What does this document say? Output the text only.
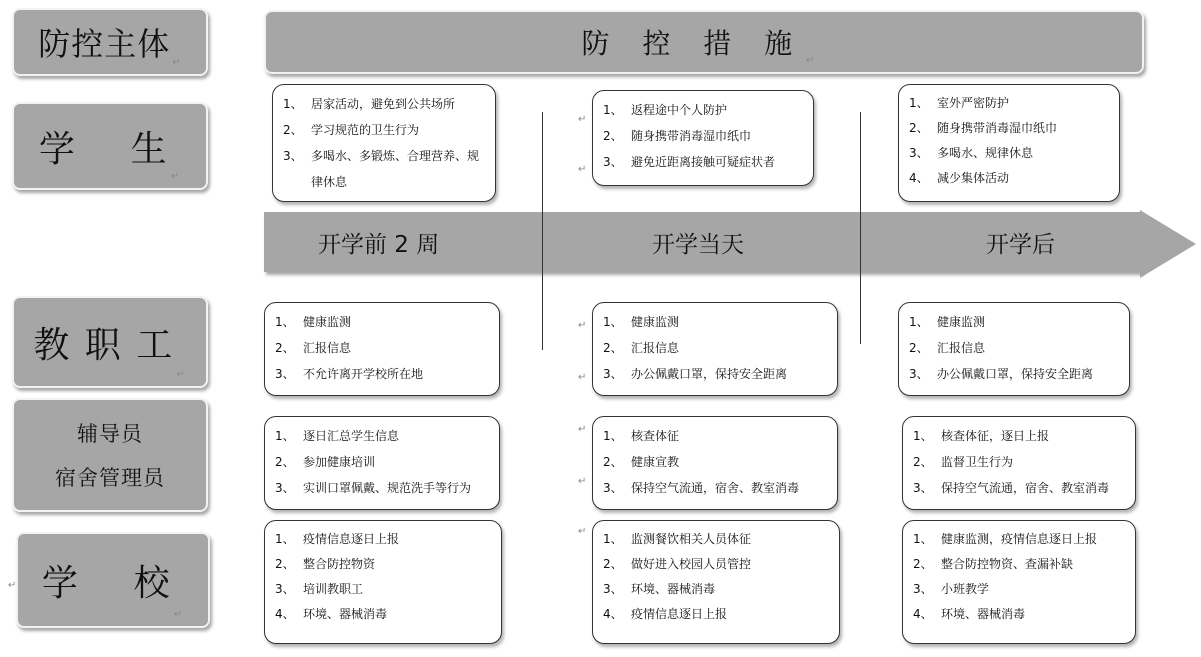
防控主体 ↵
防 控 措 施
↵
学    生
↵
教 职 工
↵
辅导员
宿舍管理员
学    校
↵
开学前 2 周	开学当天	开学后
1、 居家活动，避免到公共场所
2、 学习规范的卫生行为
3、 多喝水、多锻炼、合理营养、规律休息
1、 返程途中个人防护
2、 随身携带消毒湿巾纸巾
3、 避免近距离接触可疑症状者
1、 室外严密防护
2、 随身携带消毒湿巾纸巾
3、 多喝水、规律休息
4、 减少集体活动
1、 健康监测
2、 汇报信息
3、 不允许离开学校所在地
1、 健康监测
2、 汇报信息
3、 办公佩戴口罩，保持安全距离
1、 健康监测
2、 汇报信息
3、 办公佩戴口罩，保持安全距离
1、 逐日汇总学生信息
2、 参加健康培训
3、 实训口罩佩戴、规范洗手等行为
1、 核查体征
2、 健康宣教
3、 保持空气流通，宿舍、教室消毒
1、 核查体征，逐日上报
2、 监督卫生行为
3、 保持空气流通，宿舍、教室消毒
1、 疫情信息逐日上报
2、 整合防控物资
3、 培训教职工
4、 环境、器械消毒
1、 监测餐饮相关人员体征
2、 做好进入校园人员管控
3、 环境、器械消毒
4、 疫情信息逐日上报
1、 健康监测，疫情信息逐日上报
2、 整合防控物资、查漏补缺
3、 小班教学
4、 环境、器械消毒
↵
↵
↵
↵
↵
↵
↵
↵
